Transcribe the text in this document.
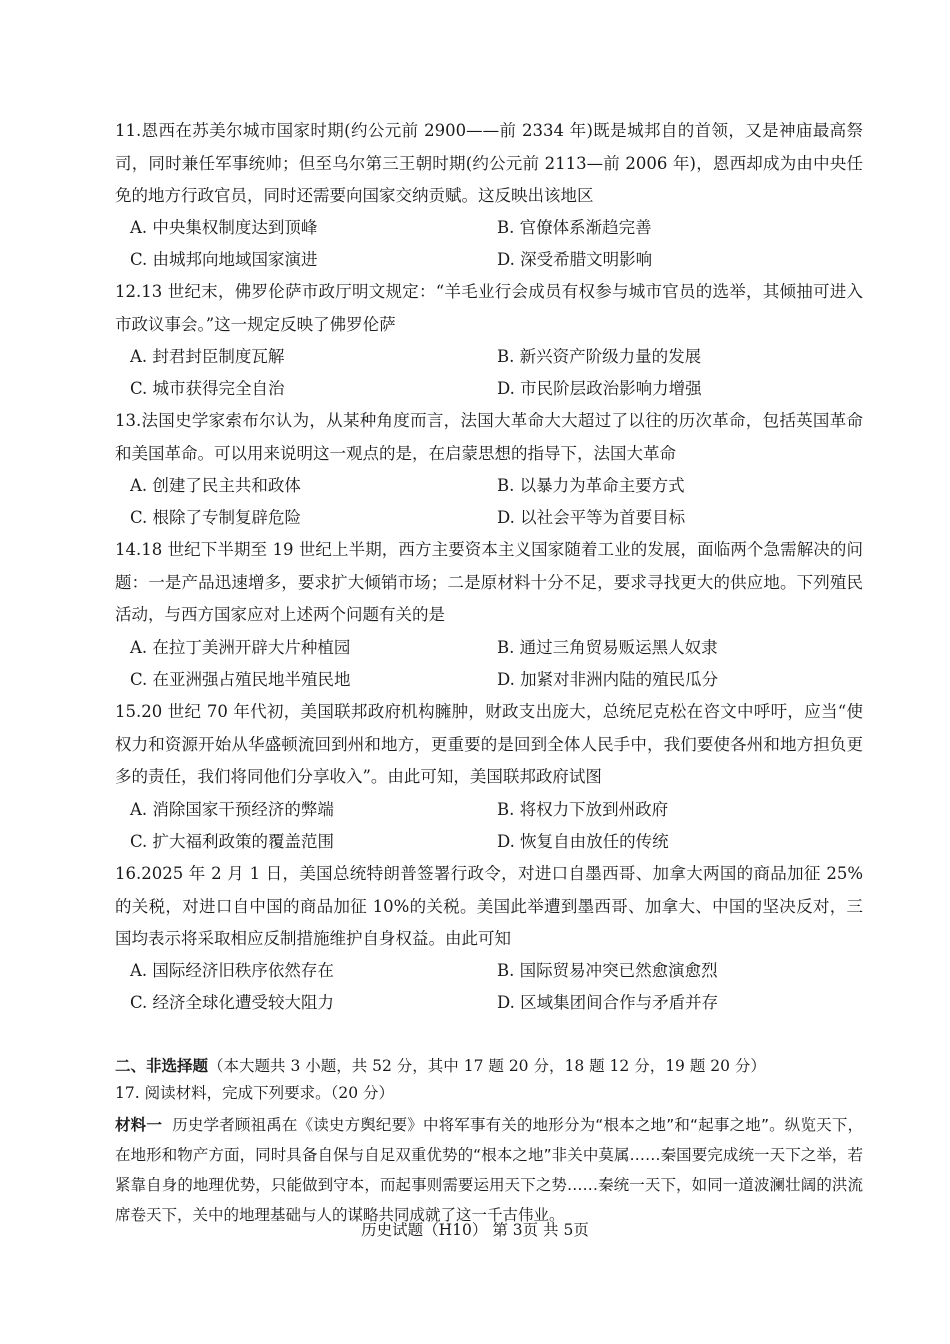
11.恩西在苏美尔城市国家时期(约公元前 2900——前 2334 年)既是城邦自的首领，又是神庙最高祭司，同时兼任军事统帅；但至乌尔第三王朝时期(约公元前 2113—前 2006 年)，恩西却成为由中央任免的地方行政官员，同时还需要向国家交纳贡赋。这反映出该地区
A. 中央集权制度达到顶峰	B. 官僚体系渐趋完善
C. 由城邦向地域国家演进	D. 深受希腊文明影响
12.13 世纪末，佛罗伦萨市政厅明文规定：“羊毛业行会成员有权参与城市官员的选举，其倾抽可进入市政议事会。”这一规定反映了佛罗伦萨
A. 封君封臣制度瓦解	B. 新兴资产阶级力量的发展
C. 城市获得完全自治	D. 市民阶层政治影响力增强
13.法国史学家索布尔认为，从某种角度而言，法国大革命大大超过了以往的历次革命，包括英国革命和美国革命。可以用来说明这一观点的是，在启蒙思想的指导下，法国大革命
A. 创建了民主共和政体	B. 以暴力为革命主要方式
C. 根除了专制复辟危险	D. 以社会平等为首要目标
14.18 世纪下半期至 19 世纪上半期，西方主要资本主义国家随着工业的发展，面临两个急需解决的问题：一是产品迅速增多，要求扩大倾销市场；二是原材料十分不足，要求寻找更大的供应地。下列殖民活动，与西方国家应对上述两个问题有关的是
A. 在拉丁美洲开辟大片种植园	B. 通过三角贸易贩运黑人奴隶
C. 在亚洲强占殖民地半殖民地	D. 加紧对非洲内陆的殖民瓜分
15.20 世纪 70 年代初，美国联邦政府机构臃肿，财政支出庞大，总统尼克松在咨文中呼吁，应当“使权力和资源开始从华盛顿流回到州和地方，更重要的是回到全体人民手中，我们要使各州和地方担负更多的责任，我们将同他们分享收入”。由此可知，美国联邦政府试图
A. 消除国家干预经济的弊端	B. 将权力下放到州政府
C. 扩大福利政策的覆盖范围	D. 恢复自由放任的传统
16.2025 年 2 月 1 日，美国总统特朗普签署行政令，对进口自墨西哥、加拿大两国的商品加征 25%的关税，对进口自中国的商品加征 10%的关税。美国此举遭到墨西哥、加拿大、中国的坚决反对，三国均表示将采取相应反制措施维护自身权益。由此可知
A. 国际经济旧秩序依然存在	B. 国际贸易冲突已然愈演愈烈
C. 经济全球化遭受较大阻力	D. 区域集团间合作与矛盾并存
二、非选择题（本大题共 3 小题，共 52 分，其中 17 题 20 分，18 题 12 分，19 题 20 分）
17. 阅读材料，完成下列要求。（20 分）
材料一 历史学者顾祖禹在《读史方舆纪要》中将军事有关的地形分为“根本之地”和“起事之地”。纵览天下，在地形和物产方面，同时具备自保与自足双重优势的“根本之地”非关中莫属……秦国要完成统一天下之举，若紧靠自身的地理优势，只能做到守本，而起事则需要运用天下之势……秦统一天下，如同一道波澜壮阔的洪流席卷天下，关中的地理基础与人的谋略共同成就了这一千古伟业。
历史试题（H10） 第 3页 共 5页
